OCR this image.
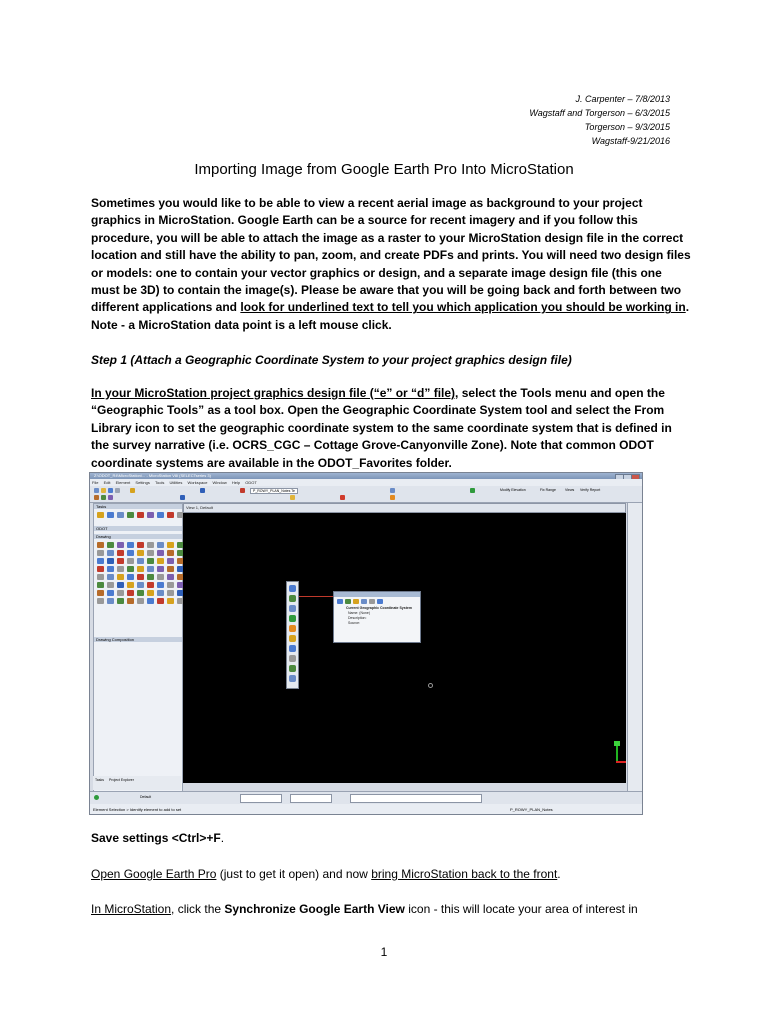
J. Carpenter – 7/8/2013
Wagstaff and Torgerson – 6/3/2015
Torgerson – 9/3/2015
Wagstaff-9/21/2016
Importing Image from Google Earth Pro Into MicroStation
Sometimes you would like to be able to view a recent aerial image as background to your project graphics in MicroStation. Google Earth can be a source for recent imagery and if you follow this procedure, you will be able to attach the image as a raster to your MicroStation design file in the correct location and still have the ability to pan, zoom, and create PDFs and prints. You will need two design files or models: one to contain your vector graphics or design, and a separate image design file (this one must be 3D) to contain the image(s). Please be aware that you will be going back and forth between two different applications and look for underlined text to tell you which application you should be working in. Note - a MicroStation data point is a left mouse click.
Step 1 (Attach a Geographic Coordinate System to your project graphics design file)
In your MicroStation project graphics design file (“e” or “d” file), select the Tools menu and open the “Geographic Tools” as a tool box. Open the Geographic Coordinate System tool and select the From Library icon to set the geographic coordinate system to the same coordinate system that is defined in the survey narrative (i.e. OCRS_CGC – Cottage Grove-Canyonville Zone). Note that common ODOT coordinate systems are available in the ODOT_Favorites folder.
Z:\ODOT_R4\MicroStation\... - MicroStation V8i (SELECTseries 3)
File Edit Element Settings Tools Utilities Workspace Window Help ODOT
Modify Elevation	Fix Range	Views Verify Report
P_ROWY_PLAN_Notes Te
Tasks
ODOT
Drawing
Drawing Composition
View 1, Default
Current Geographic Coordinate System
Name: (None)
Description:
Source:
Tasks Project Explorer
Default
Element Selection > Identify element to add to set	P_ROWY_PLAN_Notes
Save settings <Ctrl>+F.
Open Google Earth Pro (just to get it open) and now bring MicroStation back to the front.
In MicroStation, click the Synchronize Google Earth View icon - this will locate your area of interest in
1
